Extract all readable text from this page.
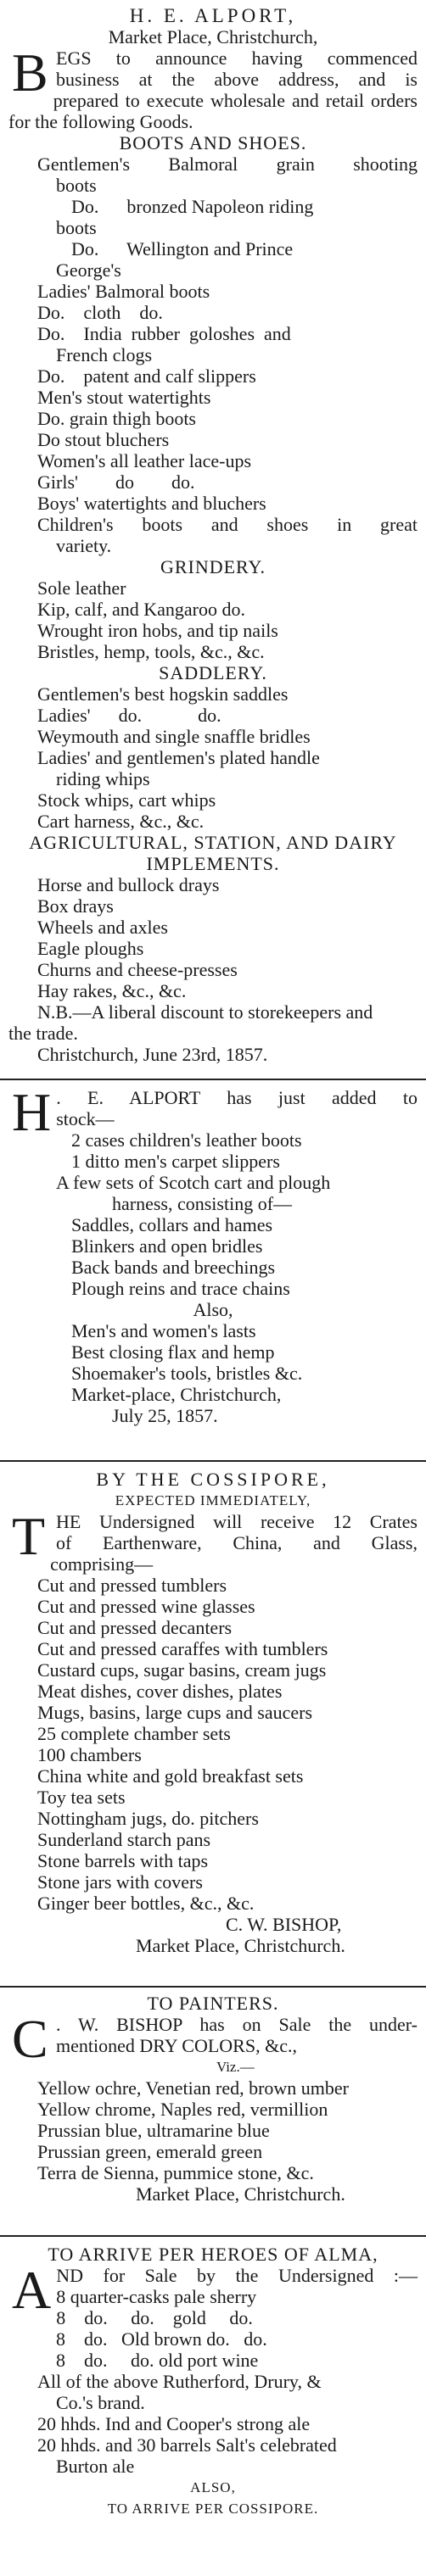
H. E. ALPORT,
Market Place, Christchurch,
B EGS to announce having commenced
business at the above address, and is
prepared to execute wholesale and retail orders
for the following Goods.
BOOTS AND SHOES.
Gentlemen's Balmoral grain shooting
boots
Do.      bronzed Napoleon riding
boots
Do.      Wellington and Prince
George's
Ladies' Balmoral boots
Do.    cloth    do.
Do.    India  rubber  goloshes  and
French clogs
Do.    patent and calf slippers
Men's stout watertights
Do. grain thigh boots
Do stout bluchers
Women's all leather lace-ups
Girls'        do        do.
Boys' watertights and bluchers
Children's boots and shoes in great
variety.
GRINDERY.
Sole leather
Kip, calf, and Kangaroo do.
Wrought iron hobs, and tip nails
Bristles, hemp, tools, &c., &c.
SADDLERY.
Gentlemen's best hogskin saddles
Ladies'      do.            do.
Weymouth and single snaffle bridles
Ladies' and gentlemen's plated handle
riding whips
Stock whips, cart whips
Cart harness, &c., &c.
AGRICULTURAL, STATION, AND DAIRY
IMPLEMENTS.
Horse and bullock drays
Box drays
Wheels and axles
Eagle ploughs
Churns and cheese-presses
Hay rakes, &c., &c.
N.B.—A liberal discount to storekeepers and
the trade.
Christchurch, June 23rd, 1857.
H . E. ALPORT has just added to
stock—
2 cases children's leather boots
1 ditto men's carpet slippers
A few sets of Scotch cart and plough
harness, consisting of—
Saddles, collars and hames
Blinkers and open bridles
Back bands and breechings
Plough reins and trace chains
Also,
Men's and women's lasts
Best closing flax and hemp
Shoemaker's tools, bristles &c.
Market-place, Christchurch,
July 25, 1857.
BY THE COSSIPORE,
EXPECTED IMMEDIATELY,
T HE Undersigned will receive 12 Crates
of Earthenware, China, and Glass,
comprising—
Cut and pressed tumblers
Cut and pressed wine glasses
Cut and pressed decanters
Cut and pressed caraffes with tumblers
Custard cups, sugar basins, cream jugs
Meat dishes, cover dishes, plates
Mugs, basins, large cups and saucers
25 complete chamber sets
100 chambers
China white and gold breakfast sets
Toy tea sets
Nottingham jugs, do. pitchers
Sunderland starch pans
Stone barrels with taps
Stone jars with covers
Ginger beer bottles, &c., &c.
C. W. BISHOP,
Market Place, Christchurch.
TO PAINTERS.
C . W. BISHOP has on Sale the under-
mentioned DRY COLORS, &c.,
Viz.—
Yellow ochre, Venetian red, brown umber
Yellow chrome, Naples red, vermillion
Prussian blue, ultramarine blue
Prussian green, emerald green
Terra de Sienna, pummice stone, &c.
Market Place, Christchurch.
TO ARRIVE PER HEROES OF ALMA,
A ND for Sale by the Undersigned :—
8 quarter-casks pale sherry
8    do.     do.    gold     do.
8    do.   Old brown do.   do.
8    do.     do. old port wine
All of the above Rutherford, Drury, &
Co.'s brand.
20 hhds. Ind and Cooper's strong ale
20 hhds. and 30 barrels Salt's celebrated
Burton ale
ALSO,
TO ARRIVE PER COSSIPORE.
